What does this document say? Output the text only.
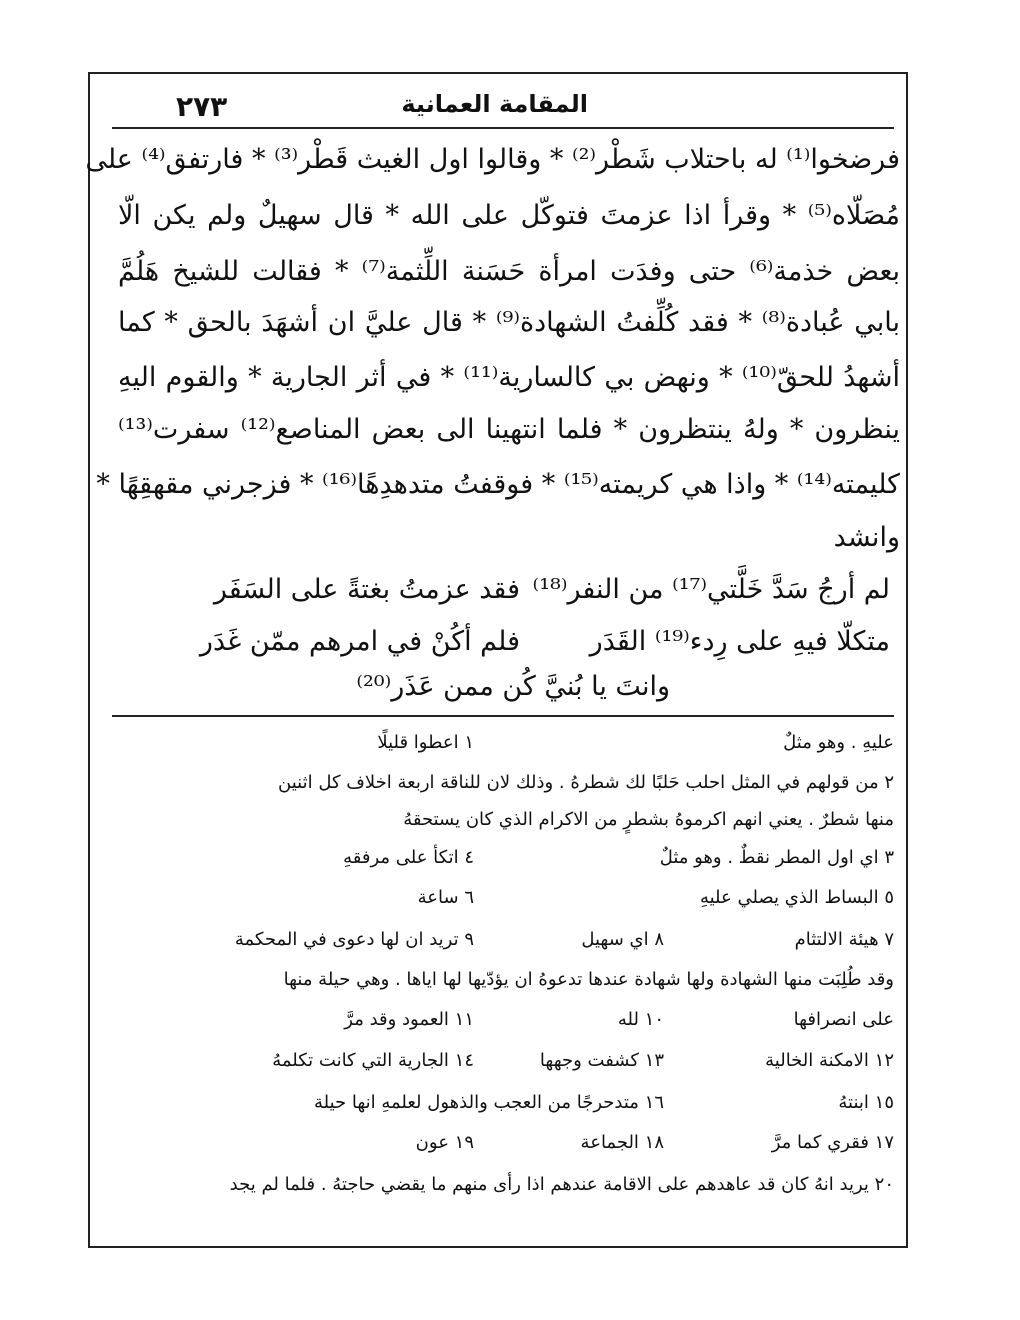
٢٧٣	المقامة العمانية
فرضخوا⁽¹⁾ له باحتلاب شَطْر⁽²⁾ * وقالوا اول الغيث قَطْر⁽³⁾ * فارتفق⁽⁴⁾ على
مُصَلّاه⁽⁵⁾ * وقرأ اذا عزمتَ فتوكّل على الله * قال سهيلٌ ولم يكن الّا
بعض خذمة⁽⁶⁾ حتى وفدَت امرأة حَسَنة اللِّثمة⁽⁷⁾ * فقالت للشيخ هَلُمَّ
بابي عُبادة⁽⁸⁾ * فقد كُلِّفتُ الشهادة⁽⁹⁾ * قال عليَّ ان أشهَدَ بالحق * كما
أشهدُ للحقّ⁽¹⁰⁾ * ونهض بي كالسارية⁽¹¹⁾ * في أثر الجارية * والقوم اليهِ
ينظرون * ولهُ ينتظرون * فلما انتهينا الى بعض المناصع⁽¹²⁾ سفرت⁽¹³⁾
كليمته⁽¹⁴⁾ * واذا هي كريمته⁽¹⁵⁾ * فوقفتُ متدهدِهًا⁽¹⁶⁾ * فزجرني مقهقِهًا *
وانشد
لم أرجُ سَدَّ خَلَّتي⁽¹⁷⁾ من النفر⁽¹⁸⁾
فقد عزمتُ بغتةً على السَفَر
متكلّا فيهِ على رِدء⁽¹⁹⁾ القَدَر
فلم أكُنْ في امرهم ممّن غَدَر
وانتَ يا بُنيَّ كُن ممن عَذَر⁽²⁰⁾
عليهِ . وهو مثلٌ
١ اعطوا قليلًا
٢ من قولهم في المثل احلب حَلبًا لك شطرهُ . وذلك لان للناقة اربعة اخلاف كل اثنين
منها شطرٌ . يعني انهم اكرموهُ بشطرٍ من الاكرام الذي كان يستحقهُ
٣ اي اول المطر نقطٌ . وهو مثلٌ
٤ اتكأ على مرفقهِ
٥ البساط الذي يصلي عليهِ
٦ ساعة
٧ هيئة الالتثام
٨ اي سهيل
٩ تريد ان لها دعوى في المحكمة
وقد طُلِبَت منها الشهادة ولها شهادة عندها تدعوهُ ان يؤدّيها لها اياها . وهي حيلة منها
على انصرافها
١٠ لله
١١ العمود وقد مرَّ
١٢ الامكنة الخالية
١٣ كشفت وجهها
١٤ الجارية التي كانت تكلمهُ
١٥ ابنتهُ
١٦ متدحرجًا من العجب والذهول لعلمهِ انها حيلة
١٧ فقري كما مرَّ
١٨ الجماعة
١٩ عون
٢٠ يريد انهُ كان قد عاهدهم على الاقامة عندهم اذا رأى منهم ما يقضي حاجتهُ . فلما لم يجد
